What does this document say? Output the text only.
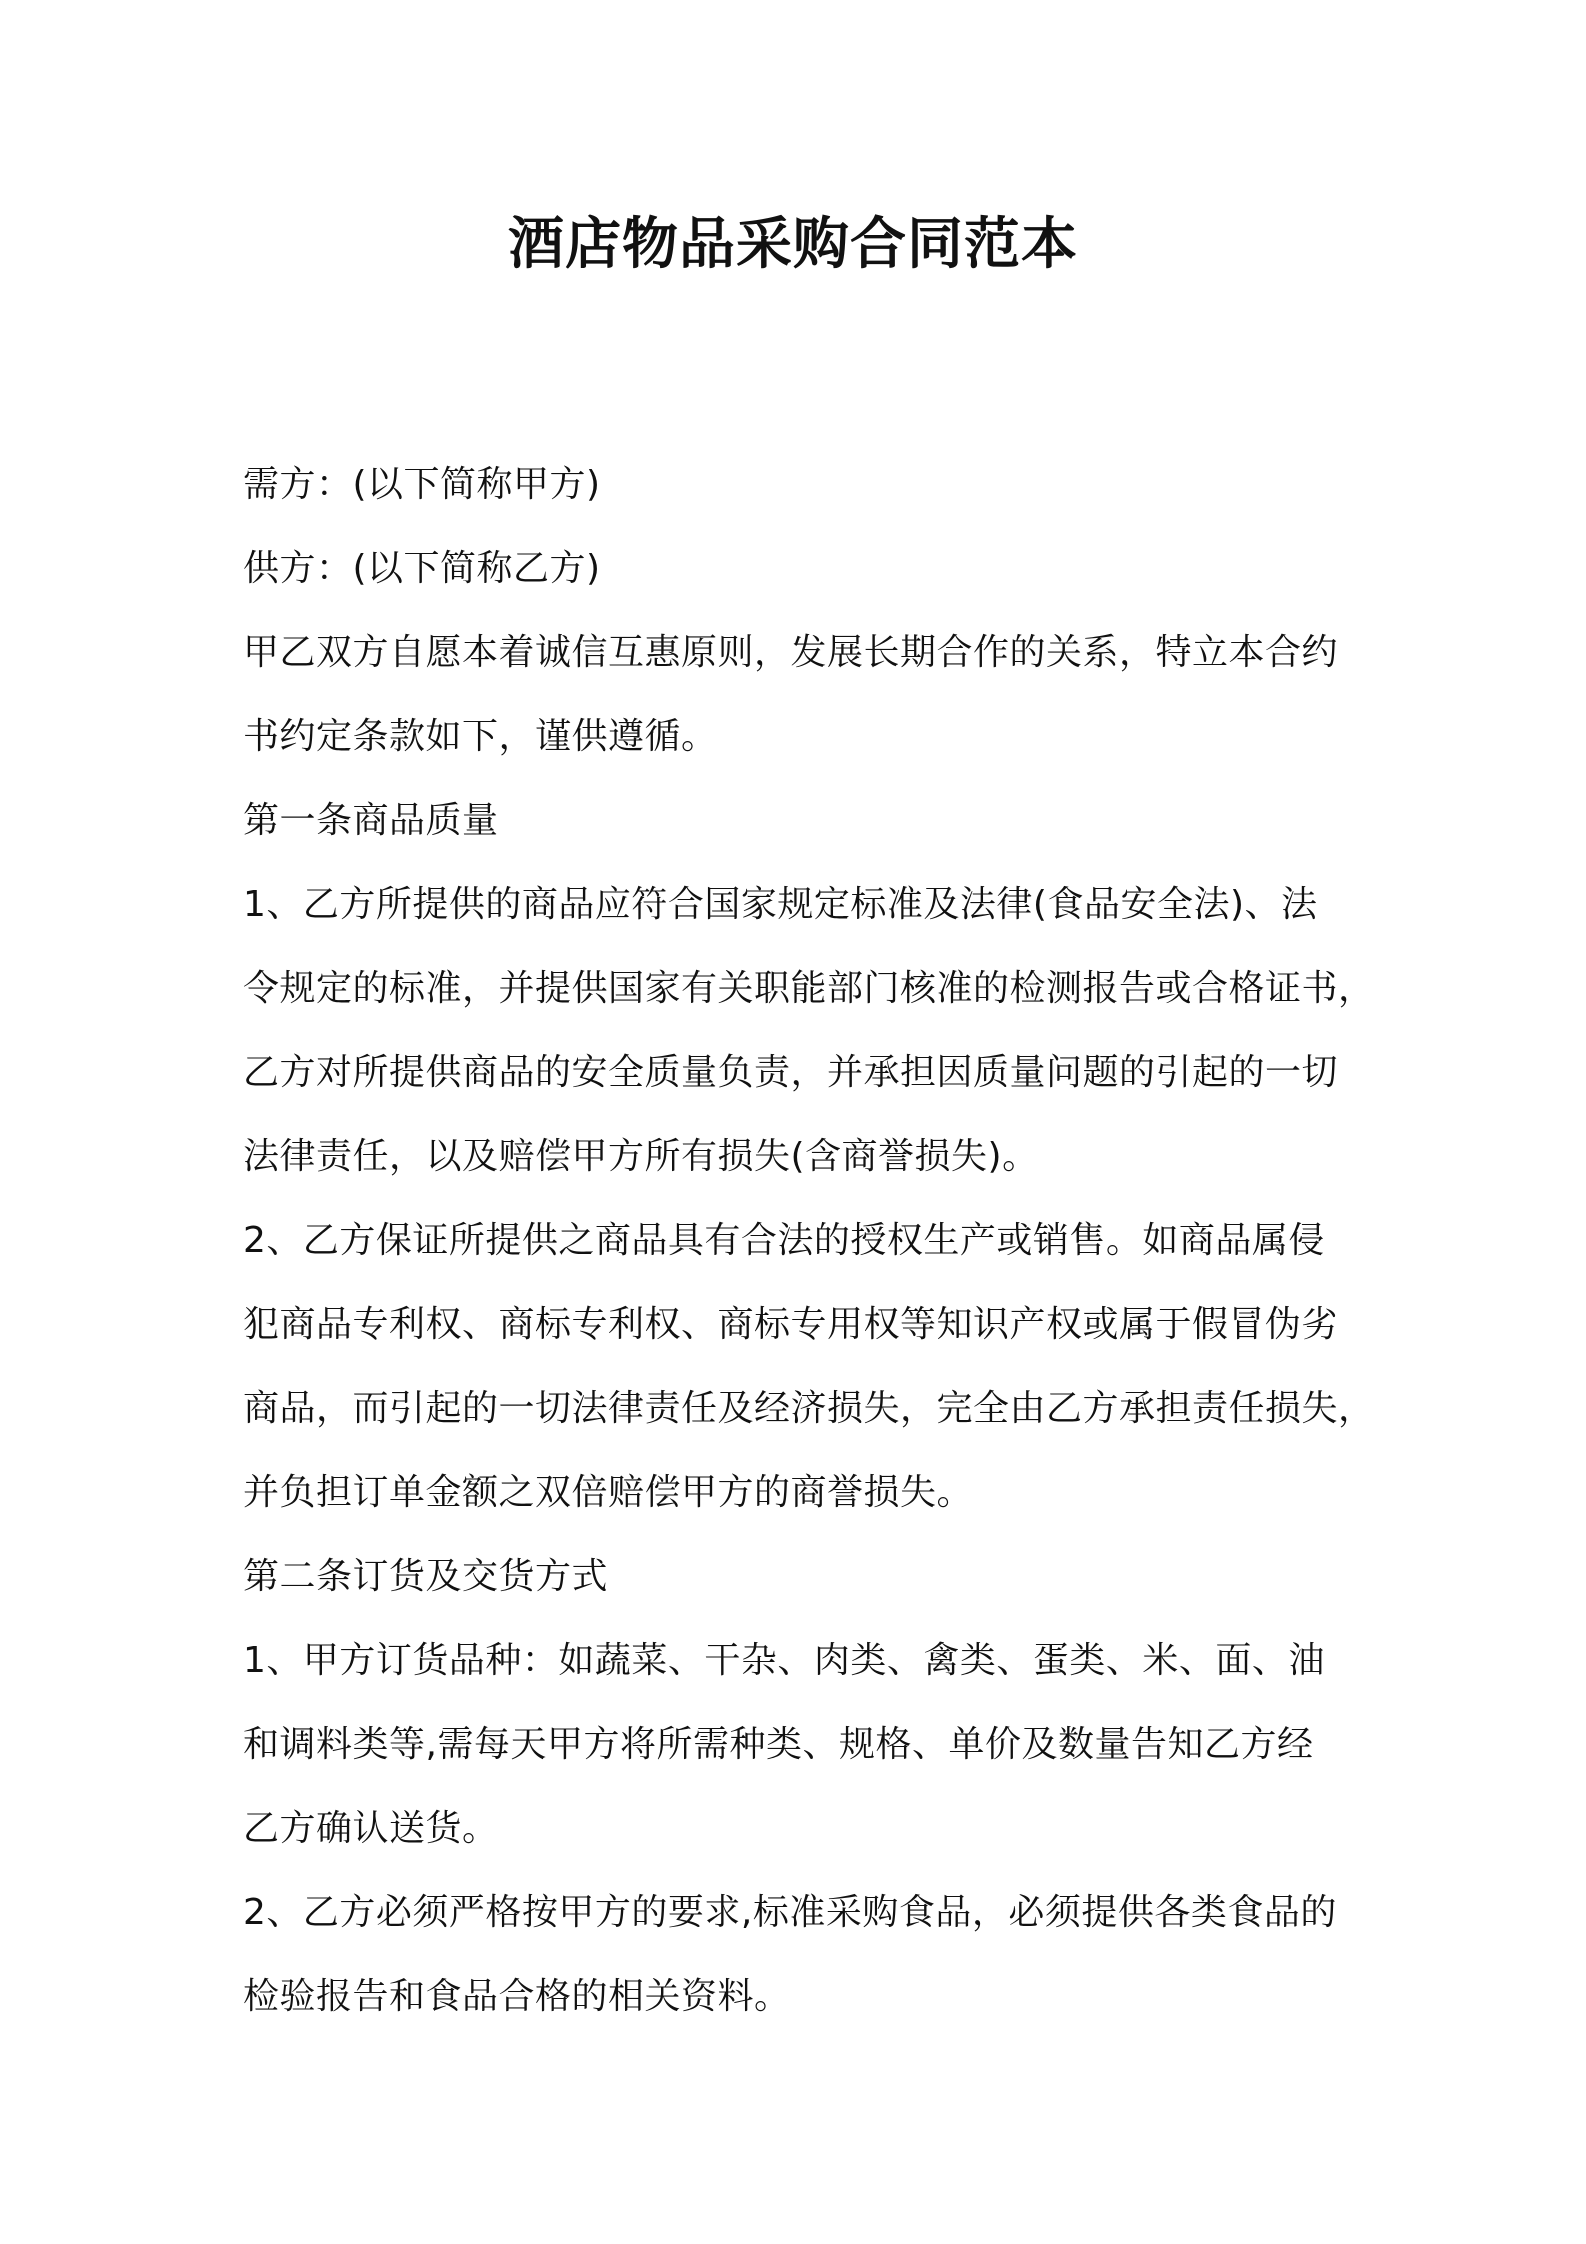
酒店物品采购合同范本
需方：(以下简称甲方)
供方：(以下简称乙方)
甲乙双方自愿本着诚信互惠原则，发展长期合作的关系，特立本合约
书约定条款如下，谨供遵循。
第一条商品质量
1、乙方所提供的商品应符合国家规定标准及法律(食品安全法)、法
令规定的标准，并提供国家有关职能部门核准的检测报告或合格证书，
乙方对所提供商品的安全质量负责，并承担因质量问题的引起的一切
法律责任，以及赔偿甲方所有损失(含商誉损失)。
2、乙方保证所提供之商品具有合法的授权生产或销售。如商品属侵
犯商品专利权、商标专利权、商标专用权等知识产权或属于假冒伪劣
商品，而引起的一切法律责任及经济损失，完全由乙方承担责任损失，
并负担订单金额之双倍赔偿甲方的商誉损失。
第二条订货及交货方式
1、甲方订货品种：如蔬菜、干杂、肉类、禽类、蛋类、米、面、油
和调料类等,需每天甲方将所需种类、规格、单价及数量告知乙方经
乙方确认送货。
2、乙方必须严格按甲方的要求,标准采购食品，必须提供各类食品的
检验报告和食品合格的相关资料。
